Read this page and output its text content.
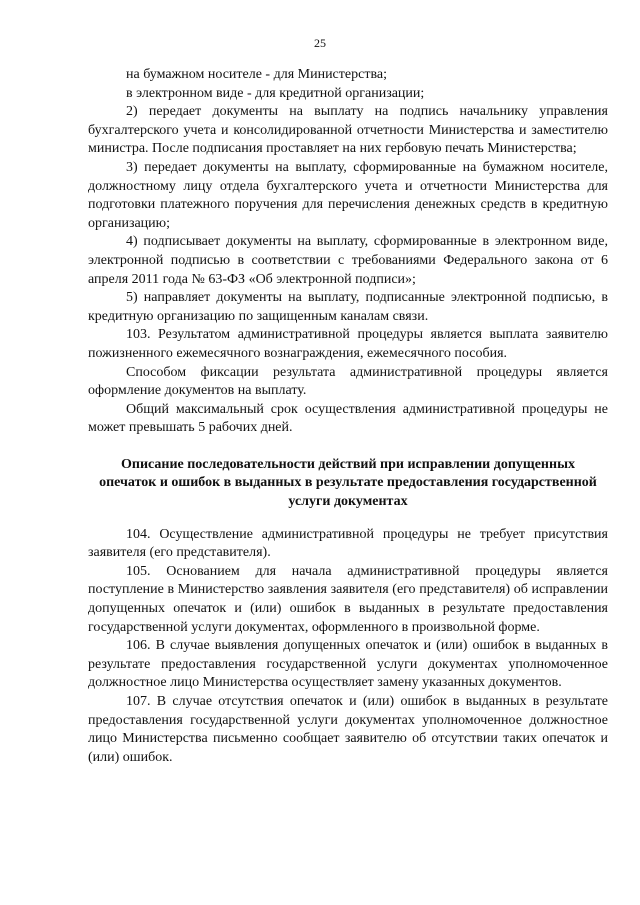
25

на бумажном носителе - для Министерства;

в электронном виде - для кредитной организации;

2) передает документы на выплату на подпись начальнику управления бухгалтерского учета и консолидированной отчетности Министерства и заместителю министра. После подписания проставляет на них гербовую печать Министерства;

3) передает документы на выплату, сформированные на бумажном носителе, должностному лицу отдела бухгалтерского учета и отчетности Министерства для подготовки платежного поручения для перечисления денежных средств в кредитную организацию;

4) подписывает документы на выплату, сформированные в электронном виде, электронной подписью в соответствии с требованиями Федерального закона от 6 апреля 2011 года № 63-ФЗ «Об электронной подписи»;

5) направляет документы на выплату, подписанные электронной подписью, в кредитную организацию по защищенным каналам связи.

103. Результатом административной процедуры является выплата заявителю пожизненного ежемесячного вознаграждения, ежемесячного пособия.

Способом фиксации результата административной процедуры является оформление документов на выплату.

Общий максимальный срок осуществления административной процедуры не может превышать 5 рабочих дней.

Описание последовательности действий при исправлении допущенных опечаток и ошибок в выданных в результате предоставления государственной услуги документах

104. Осуществление административной процедуры не требует присутствия заявителя (его представителя).

105. Основанием для начала административной процедуры является поступление в Министерство заявления заявителя (его представителя) об исправлении допущенных опечаток и (или) ошибок в выданных в результате предоставления государственной услуги документах, оформленного в произвольной форме.

106. В случае выявления допущенных опечаток и (или) ошибок в выданных в результате предоставления государственной услуги документах уполномоченное должностное лицо Министерства осуществляет замену указанных документов.

107. В случае отсутствия опечаток и (или) ошибок в выданных в результате предоставления государственной услуги документах уполномоченное должностное лицо Министерства письменно сообщает заявителю об отсутствии таких опечаток и (или) ошибок.
